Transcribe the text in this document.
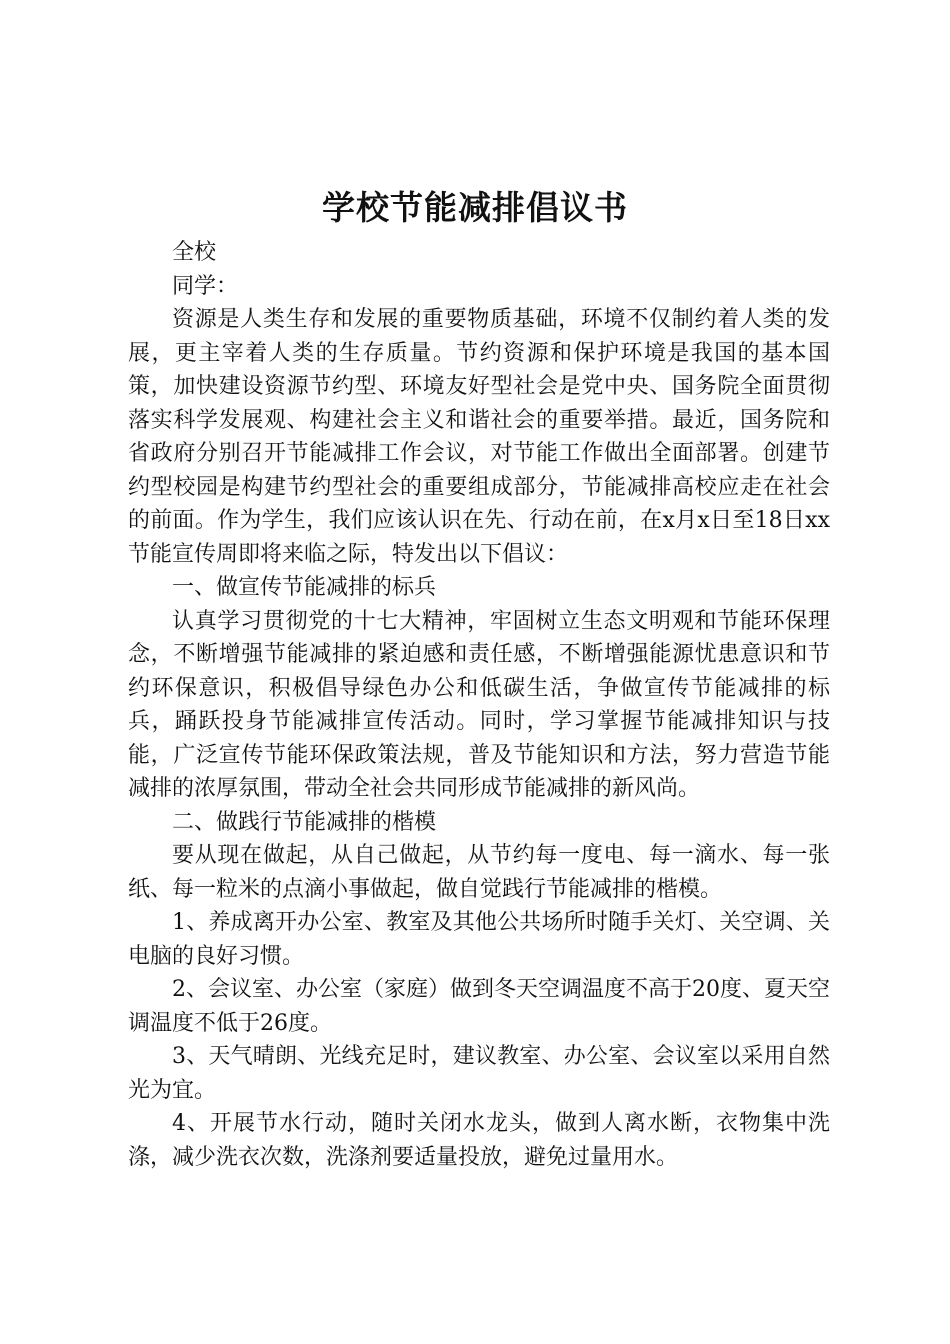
学校节能减排倡议书

全校

同学：

资源是人类生存和发展的重要物质基础，环境不仅制约着人类的发展，更主宰着人类的生存质量。节约资源和保护环境是我国的基本国策，加快建设资源节约型、环境友好型社会是党中央、国务院全面贯彻落实科学发展观、构建社会主义和谐社会的重要举措。最近，国务院和省政府分别召开节能减排工作会议，对节能工作做出全面部署。创建节约型校园是构建节约型社会的重要组成部分，节能减排高校应走在社会的前面。作为学生，我们应该认识在先、行动在前，在x月x日至18日xx节能宣传周即将来临之际，特发出以下倡议：

一、做宣传节能减排的标兵

认真学习贯彻党的十七大精神，牢固树立生态文明观和节能环保理念，不断增强节能减排的紧迫感和责任感，不断增强能源忧患意识和节约环保意识，积极倡导绿色办公和低碳生活，争做宣传节能减排的标兵，踊跃投身节能减排宣传活动。同时，学习掌握节能减排知识与技能，广泛宣传节能环保政策法规，普及节能知识和方法，努力营造节能减排的浓厚氛围，带动全社会共同形成节能减排的新风尚。

二、做践行节能减排的楷模

要从现在做起，从自己做起，从节约每一度电、每一滴水、每一张纸、每一粒米的点滴小事做起，做自觉践行节能减排的楷模。

1、养成离开办公室、教室及其他公共场所时随手关灯、关空调、关电脑的良好习惯。

2、会议室、办公室（家庭）做到冬天空调温度不高于20度、夏天空调温度不低于26度。

3、天气晴朗、光线充足时，建议教室、办公室、会议室以采用自然光为宜。

4、开展节水行动，随时关闭水龙头，做到人离水断，衣物集中洗涤，减少洗衣次数，洗涤剂要适量投放，避免过量用水。
